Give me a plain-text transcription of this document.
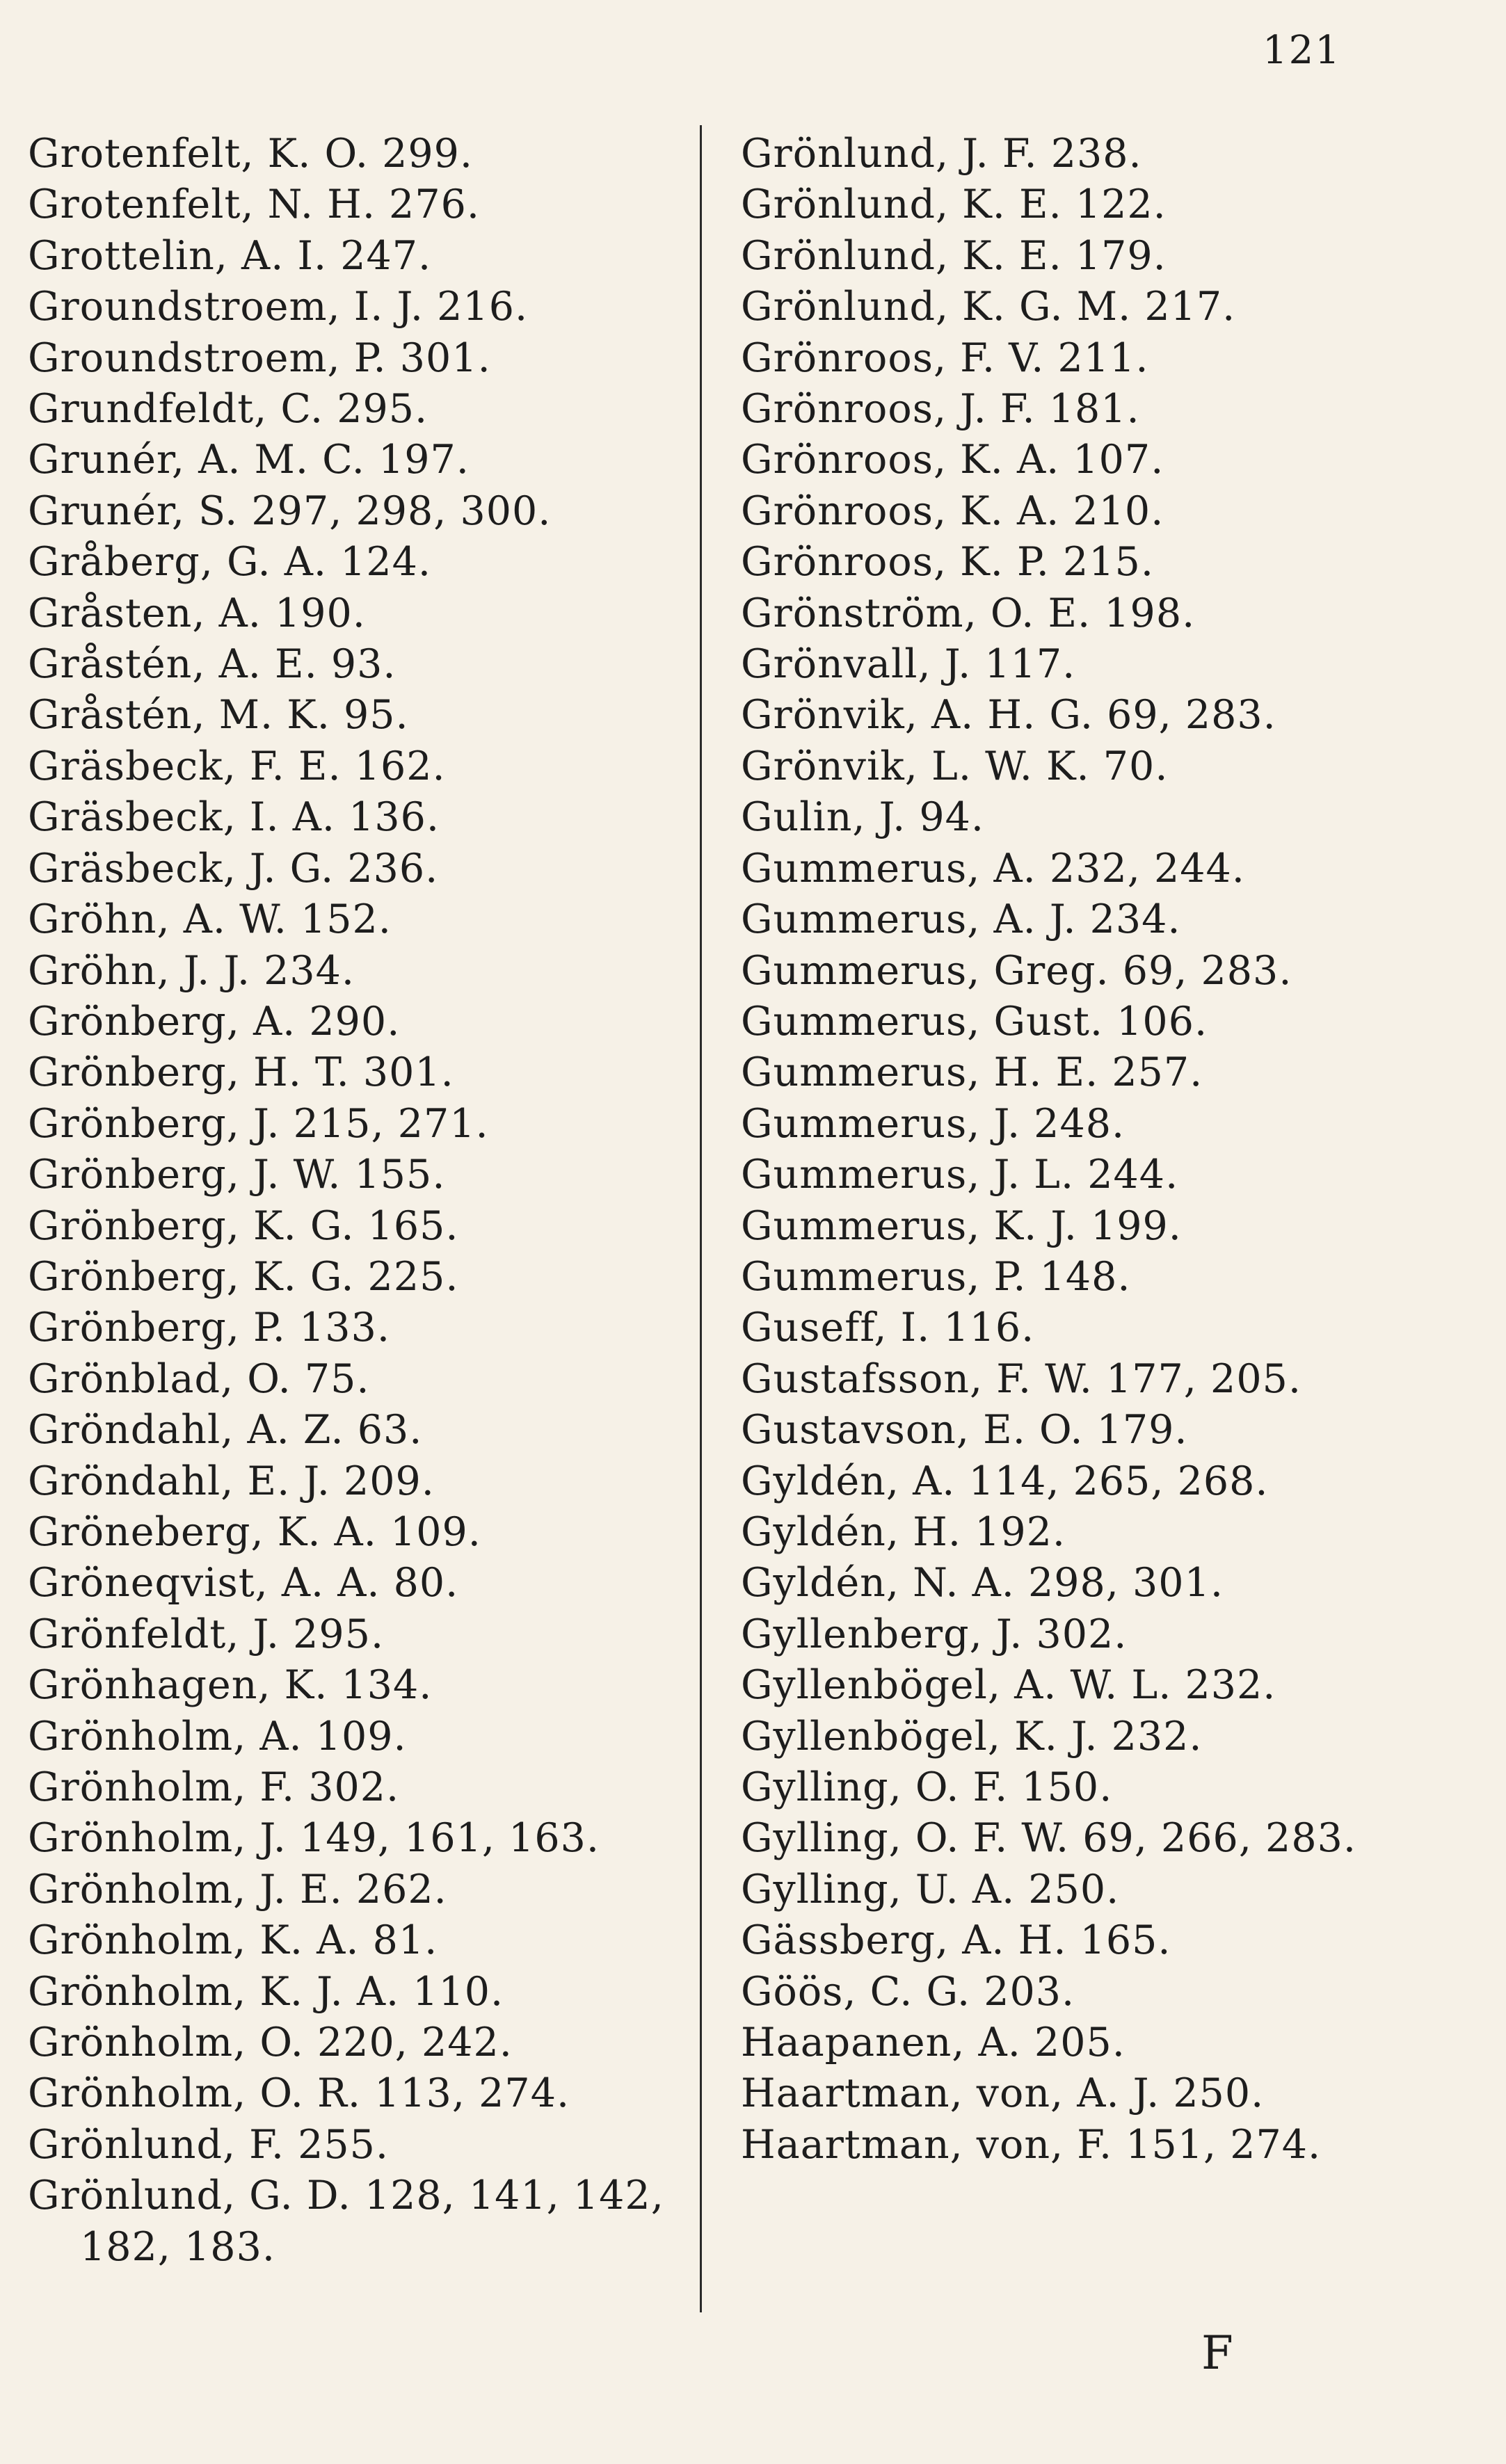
121
Grotenfelt, K. O. 299.
Grotenfelt, N. H. 276.
Grottelin, A. I. 247.
Groundstroem, I. J. 216.
Groundstroem, P. 301.
Grundfeldt, C. 295.
Grunér, A. M. C. 197.
Grunér, S. 297, 298, 300.
Gråberg, G. A. 124.
Gråsten, A. 190.
Gråstén, A. E. 93.
Gråstén, M. K. 95.
Gräsbeck, F. E. 162.
Gräsbeck, I. A. 136.
Gräsbeck, J. G. 236.
Gröhn, A. W. 152.
Gröhn, J. J. 234.
Grönberg, A. 290.
Grönberg, H. T. 301.
Grönberg, J. 215, 271.
Grönberg, J. W. 155.
Grönberg, K. G. 165.
Grönberg, K. G. 225.
Grönberg, P. 133.
Grönblad, O. 75.
Gröndahl, A. Z. 63.
Gröndahl, E. J. 209.
Gröneberg, K. A. 109.
Gröneqvist, A. A. 80.
Grönfeldt, J. 295.
Grönhagen, K. 134.
Grönholm, A. 109.
Grönholm, F. 302.
Grönholm, J. 149, 161, 163.
Grönholm, J. E. 262.
Grönholm, K. A. 81.
Grönholm, K. J. A. 110.
Grönholm, O. 220, 242.
Grönholm, O. R. 113, 274.
Grönlund, F. 255.
Grönlund, G. D. 128, 141, 142, 182, 183.
Grönlund, J. F. 238.
Grönlund, K. E. 122.
Grönlund, K. E. 179.
Grönlund, K. G. M. 217.
Grönroos, F. V. 211.
Grönroos, J. F. 181.
Grönroos, K. A. 107.
Grönroos, K. A. 210.
Grönroos, K. P. 215.
Grönström, O. E. 198.
Grönvall, J. 117.
Grönvik, A. H. G. 69, 283.
Grönvik, L. W. K. 70.
Gulin, J. 94.
Gummerus, A. 232, 244.
Gummerus, A. J. 234.
Gummerus, Greg. 69, 283.
Gummerus, Gust. 106.
Gummerus, H. E. 257.
Gummerus, J. 248.
Gummerus, J. L. 244.
Gummerus, K. J. 199.
Gummerus, P. 148.
Guseff, I. 116.
Gustafsson, F. W. 177, 205.
Gustavson, E. O. 179.
Gyldén, A. 114, 265, 268.
Gyldén, H. 192.
Gyldén, N. A. 298, 301.
Gyllenberg, J. 302.
Gyllenbögel, A. W. L. 232.
Gyllenbögel, K. J. 232.
Gylling, O. F. 150.
Gylling, O. F. W. 69, 266, 283.
Gylling, U. A. 250.
Gässberg, A. H. 165.
Göös, C. G. 203.
Haapanen, A. 205.
Haartman, von, A. J. 250.
Haartman, von, F. 151, 274.
F
